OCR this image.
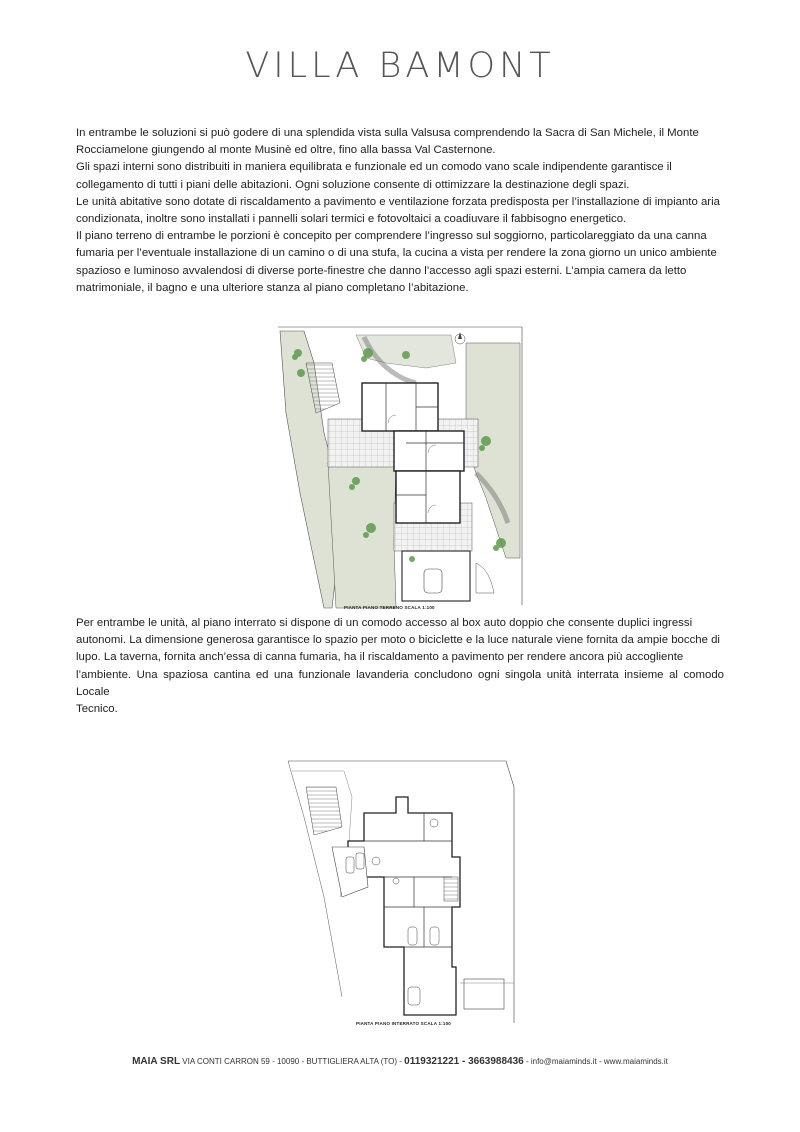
VILLA BAMONT
In entrambe le soluzioni si può godere di una splendida vista sulla Valsusa comprendendo la Sacra di San Michele, il Monte
Rocciamelone giungendo al monte Musinè ed oltre, fino alla bassa Val Casternone.
Gli spazi interni sono distribuiti in maniera equilibrata e funzionale ed un comodo vano scale indipendente garantisce il
collegamento di tutti i piani delle abitazioni. Ogni soluzione consente di ottimizzare la destinazione degli spazi.
Le unità abitative sono dotate di riscaldamento a pavimento e ventilazione forzata predisposta per l’installazione di impianto aria
condizionata, inoltre sono installati i pannelli solari termici e fotovoltaici a coadiuvare il fabbisogno energetico.
Il piano terreno di entrambe le porzioni è concepito per comprendere l’ingresso sul soggiorno, particolareggiato da una canna
fumaria per l’eventuale installazione di un camino o di una stufa, la cucina a vista per rendere la zona giorno un unico ambiente
spazioso e luminoso avvalendosi di diverse porte-finestre che danno l’accesso agli spazi esterni. L’ampia camera da letto
matrimoniale, il bagno e una ulteriore stanza al piano completano l’abitazione.
PIANTA PIANO TERRENO SCALA 1:100
Per entrambe le unità, al piano interrato si dispone di un comodo accesso al box auto doppio che consente duplici ingressi
autonomi. La dimensione generosa garantisce lo spazio per moto o biciclette e la luce naturale viene fornita da ampie bocche di
lupo. La taverna, fornita anch’essa di canna fumaria, ha il riscaldamento a pavimento per rendere ancora più accogliente
l’ambiente. Una spaziosa cantina ed una funzionale lavanderia concludono ogni singola unità interrata insieme al comodo Locale
Tecnico.
PIANTA PIANO INTERRATO SCALA 1:100
MAIA SRL VIA CONTI CARRON 59 - 10090 - BUTTIGLIERA ALTA (TO) - 0119321221 - 3663988436 - info@maiaminds.it - www.maiaminds.it
